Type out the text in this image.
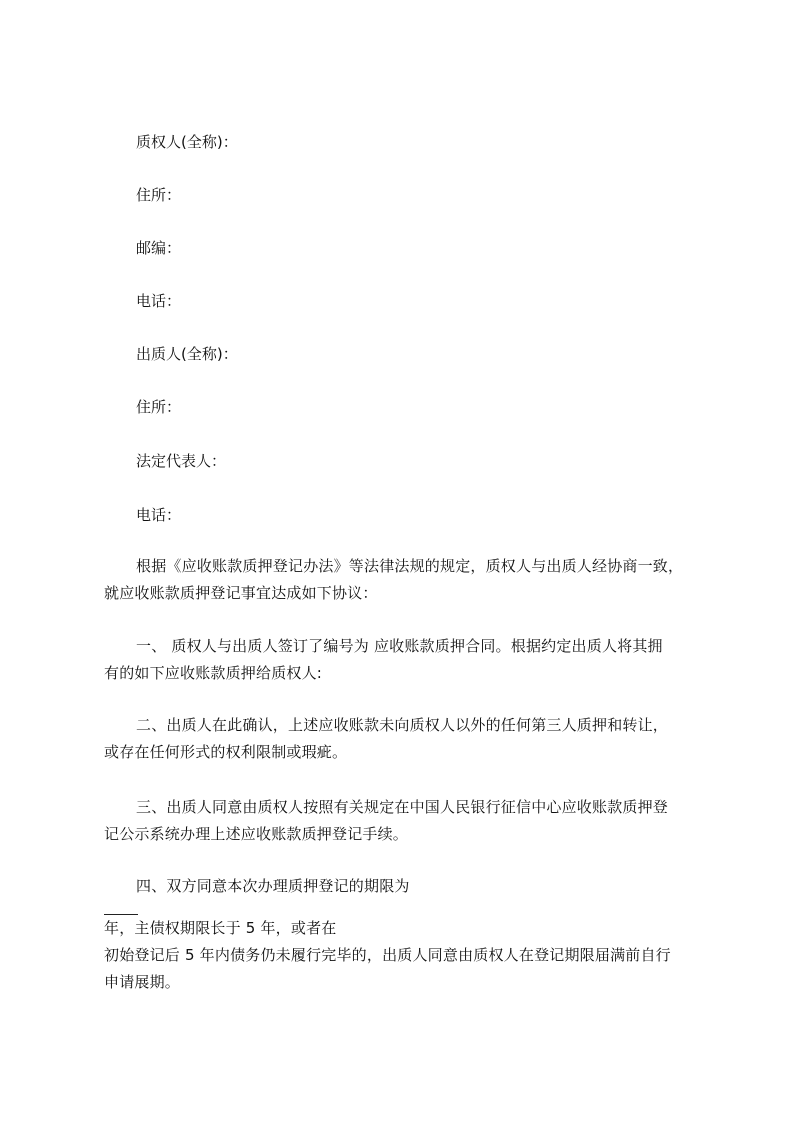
质权人(全称)：
住所：
邮编：
电话：
出质人(全称)：
住所：
法定代表人：
电话：
根据《应收账款质押登记办法》等法律法规的规定，质权人与出质人经协商一致，
就应收账款质押登记事宜达成如下协议：
一、 质权人与出质人签订了编号为 应收账款质押合同。根据约定出质人将其拥
有的如下应收账款质押给质权人:
二、出质人在此确认，上述应收账款未向质权人以外的任何第三人质押和转让，
或存在任何形式的权利限制或瑕疵。
三、出质人同意由质权人按照有关规定在中国人民银行征信中心应收账款质押登
记公示系统办理上述应收账款质押登记手续。
四、双方同意本次办理质押登记的期限为
年，主债权期限长于 5 年，或者在
初始登记后 5 年内债务仍未履行完毕的，出质人同意由质权人在登记期限届满前自行
申请展期。
